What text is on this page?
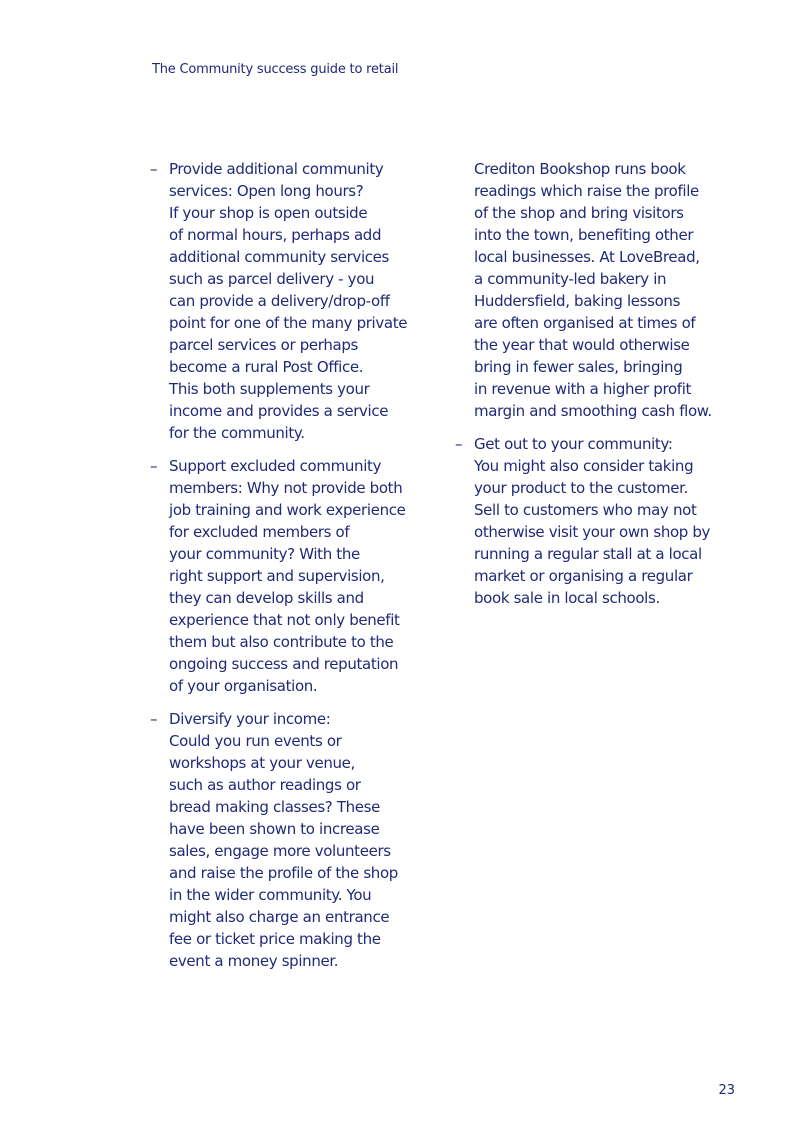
The Community success guide to retail
– Provide additional community
services: Open long hours?
If your shop is open outside
of normal hours, perhaps add
additional community services
such as parcel delivery - you
can provide a delivery/drop-off
point for one of the many private
parcel services or perhaps
become a rural Post Office.
This both supplements your
income and provides a service
for the community.
– Support excluded community
members: Why not provide both
job training and work experience
for excluded members of
your community? With the
right support and supervision,
they can develop skills and
experience that not only benefit
them but also contribute to the
ongoing success and reputation
of your organisation.
– Diversify your income:
Could you run events or
workshops at your venue,
such as author readings or
bread making classes? These
have been shown to increase
sales, engage more volunteers
and raise the profile of the shop
in the wider community. You
might also charge an entrance
fee or ticket price making the
event a money spinner.
Crediton Bookshop runs book
readings which raise the profile
of the shop and bring visitors
into the town, benefiting other
local businesses. At LoveBread,
a community-led bakery in
Huddersfield, baking lessons
are often organised at times of
the year that would otherwise
bring in fewer sales, bringing
in revenue with a higher profit
margin and smoothing cash flow.
– Get out to your community:
You might also consider taking
your product to the customer.
Sell to customers who may not
otherwise visit your own shop by
running a regular stall at a local
market or organising a regular
book sale in local schools.
23
